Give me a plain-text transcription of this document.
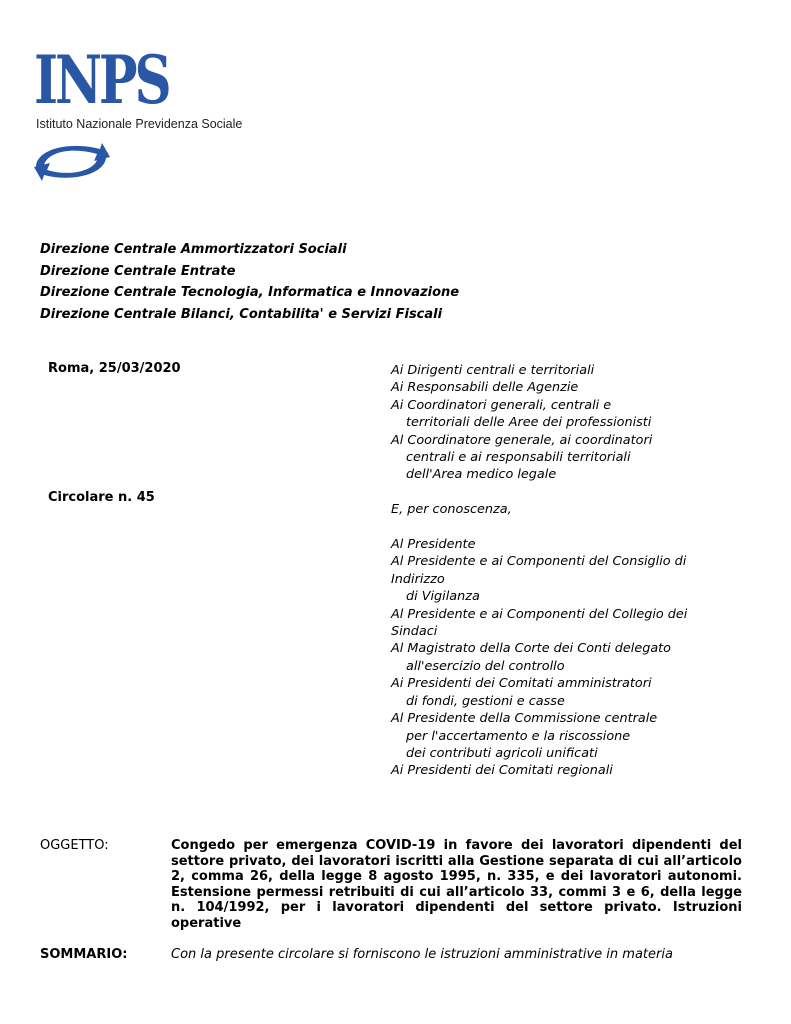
INPS
Istituto Nazionale Previdenza Sociale
Direzione Centrale Ammortizzatori Sociali
Direzione Centrale Entrate
Direzione Centrale Tecnologia, Informatica e Innovazione
Direzione Centrale Bilanci, Contabilita' e Servizi Fiscali
Roma, 25/03/2020
Circolare n. 45
Ai Dirigenti centrali e territoriali
Ai Responsabili delle Agenzie
Ai Coordinatori generali, centrali e
territoriali delle Aree dei professionisti
Al Coordinatore generale, ai coordinatori
centrali e ai responsabili territoriali
dell'Area medico legale
E, per conoscenza,
Al Presidente
Al Presidente e ai Componenti del Consiglio di
Indirizzo
di Vigilanza
Al Presidente e ai Componenti del Collegio dei
Sindaci
Al Magistrato della Corte dei Conti delegato
all'esercizio del controllo
Ai Presidenti dei Comitati amministratori
di fondi, gestioni e casse
Al Presidente della Commissione centrale
per l'accertamento e la riscossione
dei contributi agricoli unificati
Ai Presidenti dei Comitati regionali
OGGETTO:	Congedo per emergenza COVID-19 in favore dei lavoratori dipendenti del settore privato, dei lavoratori iscritti alla Gestione separata di cui all’articolo 2, comma 26, della legge 8 agosto 1995, n. 335, e dei lavoratori autonomi. Estensione permessi retribuiti di cui all’articolo 33, commi 3 e 6, della legge n. 104/1992, per i lavoratori dipendenti del settore privato. Istruzioni operative
SOMMARIO:	Con la presente circolare si forniscono le istruzioni amministrative in materia
